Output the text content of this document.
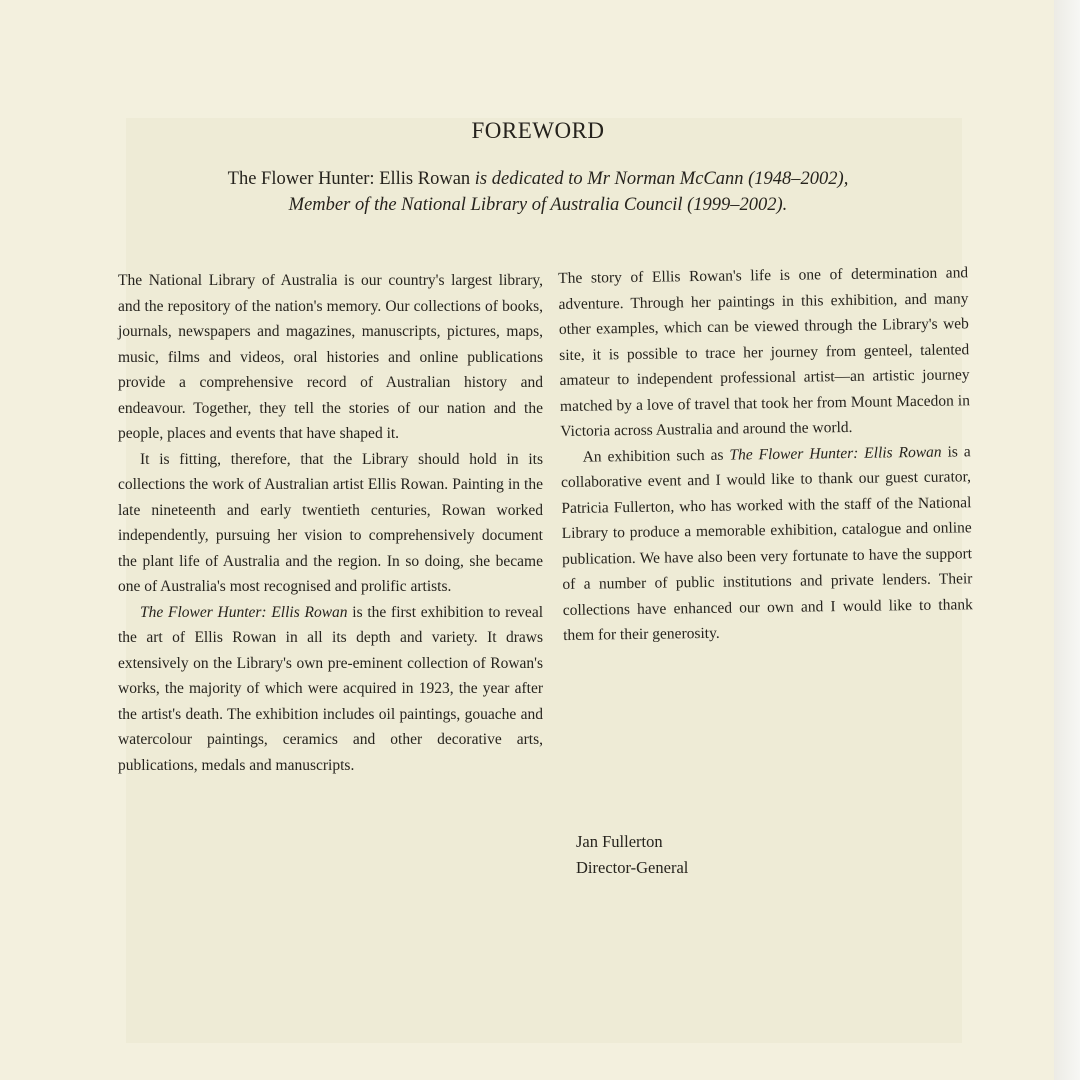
FOREWORD
The Flower Hunter: Ellis Rowan is dedicated to Mr Norman McCann (1948–2002),
Member of the National Library of Australia Council (1999–2002).

The National Library of Australia is our country's largest library, and the repository of the nation's memory. Our collections of books, journals, newspapers and magazines, manuscripts, pictures, maps, music, films and videos, oral histories and online publications provide a comprehensive record of Australian history and endeavour. Together, they tell the stories of our nation and the people, places and events that have shaped it.

It is fitting, therefore, that the Library should hold in its collections the work of Australian artist Ellis Rowan. Painting in the late nineteenth and early twentieth centuries, Rowan worked independently, pursuing her vision to comprehensively document the plant life of Australia and the region. In so doing, she became one of Australia's most recognised and prolific artists.

The Flower Hunter: Ellis Rowan is the first exhibition to reveal the art of Ellis Rowan in all its depth and variety. It draws extensively on the Library's own pre-eminent collection of Rowan's works, the majority of which were acquired in 1923, the year after the artist's death. The exhibition includes oil paintings, gouache and watercolour paintings, ceramics and other decorative arts, publications, medals and manuscripts.

The story of Ellis Rowan's life is one of determination and adventure. Through her paintings in this exhibition, and many other examples, which can be viewed through the Library's web site, it is possible to trace her journey from genteel, talented amateur to independent professional artist—an artistic journey matched by a love of travel that took her from Mount Macedon in Victoria across Australia and around the world.

An exhibition such as The Flower Hunter: Ellis Rowan is a collaborative event and I would like to thank our guest curator, Patricia Fullerton, who has worked with the staff of the National Library to produce a memorable exhibition, catalogue and online publication. We have also been very fortunate to have the support of a number of public institutions and private lenders. Their collections have enhanced our own and I would like to thank them for their generosity.

Jan Fullerton
Director-General
